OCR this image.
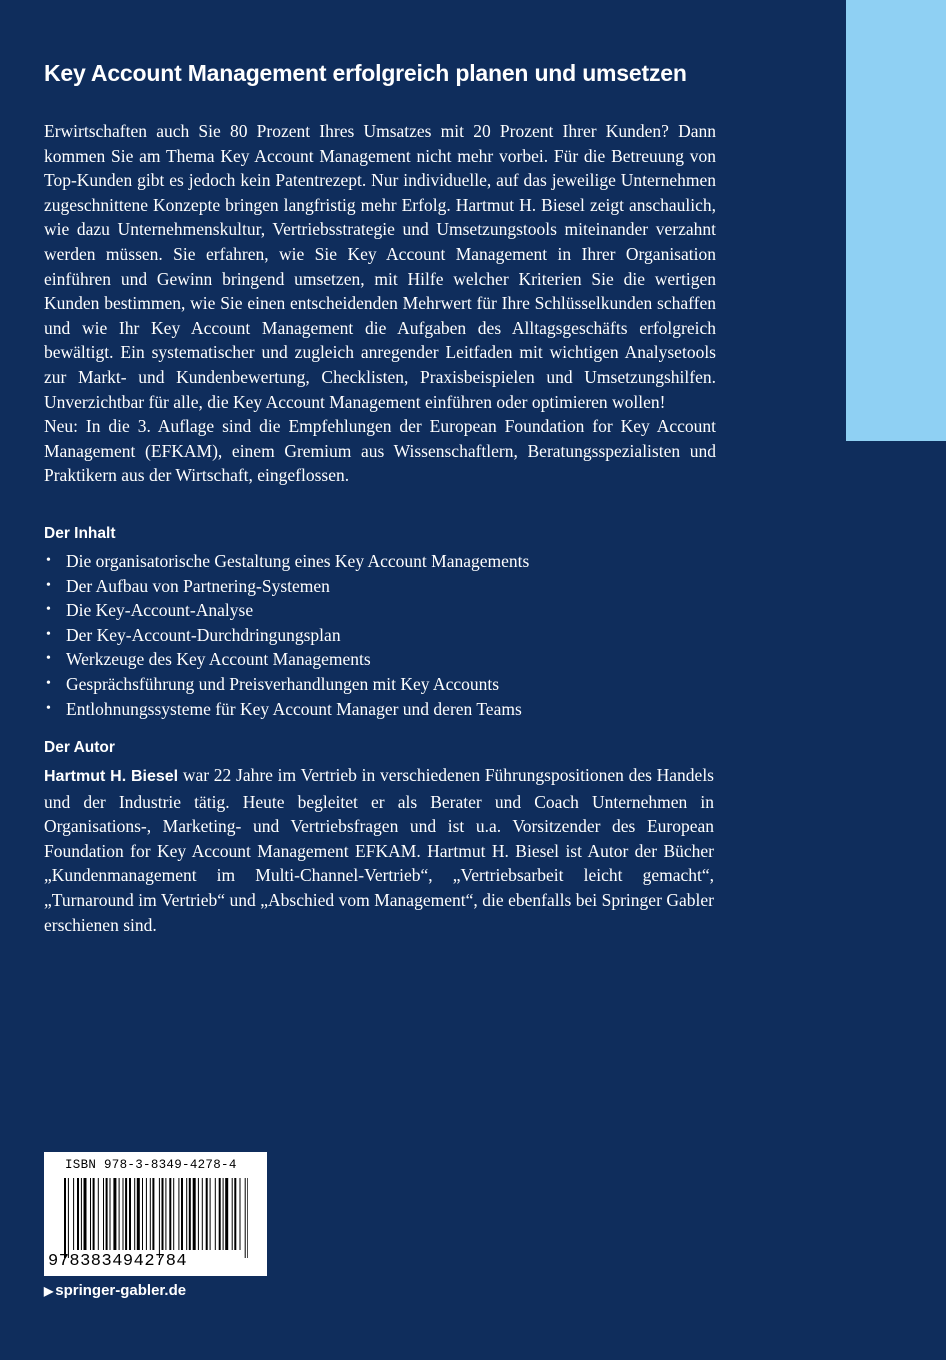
Key Account Management erfolgreich planen und umsetzen

Erwirtschaften auch Sie 80 Prozent Ihres Umsatzes mit 20 Prozent Ihrer Kunden? Dann kommen Sie am Thema Key Account Management nicht mehr vorbei. Für die Betreuung von Top-Kunden gibt es jedoch kein Patentrezept. Nur individuelle, auf das jeweilige Unternehmen zugeschnittene Konzepte bringen langfristig mehr Erfolg. Hartmut H. Biesel zeigt anschaulich, wie dazu Unternehmenskultur, Vertriebsstrategie und Umsetzungstools miteinander verzahnt werden müssen. Sie erfahren, wie Sie Key Account Management in Ihrer Organisation einführen und Gewinn bringend umsetzen, mit Hilfe welcher Kriterien Sie die wertigen Kunden bestimmen, wie Sie einen entscheidenden Mehrwert für Ihre Schlüsselkunden schaffen und wie Ihr Key Account Management die Aufgaben des Alltagsgeschäfts erfolgreich bewältigt. Ein systematischer und zugleich anregender Leitfaden mit wichtigen Analysetools zur Markt- und Kundenbewertung, Checklisten, Praxisbeispielen und Umsetzungshilfen. Unverzichtbar für alle, die Key Account Management einführen oder optimieren wollen!

Neu: In die 3. Auflage sind die Empfehlungen der European Foundation for Key Account Management (EFKAM), einem Gremium aus Wissenschaftlern, Beratungsspezialisten und Praktikern aus der Wirtschaft, eingeflossen.

Der Inhalt
• Die organisatorische Gestaltung eines Key Account Managements
• Der Aufbau von Partnering-Systemen
• Die Key-Account-Analyse
• Der Key-Account-Durchdringungsplan
• Werkzeuge des Key Account Managements
• Gesprächsführung und Preisverhandlungen mit Key Accounts
• Entlohnungssysteme für Key Account Manager und deren Teams
Der Autor

Hartmut H. Biesel war 22 Jahre im Vertrieb in verschiedenen Führungspositionen des Handels und der Industrie tätig. Heute begleitet er als Berater und Coach Unternehmen in Organisations-, Marketing- und Vertriebsfragen und ist u.a. Vorsitzender des European Foundation for Key Account Management EFKAM. Hartmut H. Biesel ist Autor der Bücher „Kundenmanagement im Multi-Channel-Vertrieb“, „Vertriebsarbeit leicht gemacht“, „Turnaround im Vertrieb“ und „Abschied vom Management“, die ebenfalls bei Springer Gabler erschienen sind.

ISBN 978-3-8349-4278-4
9783834942784
▶ springer-gabler.de
